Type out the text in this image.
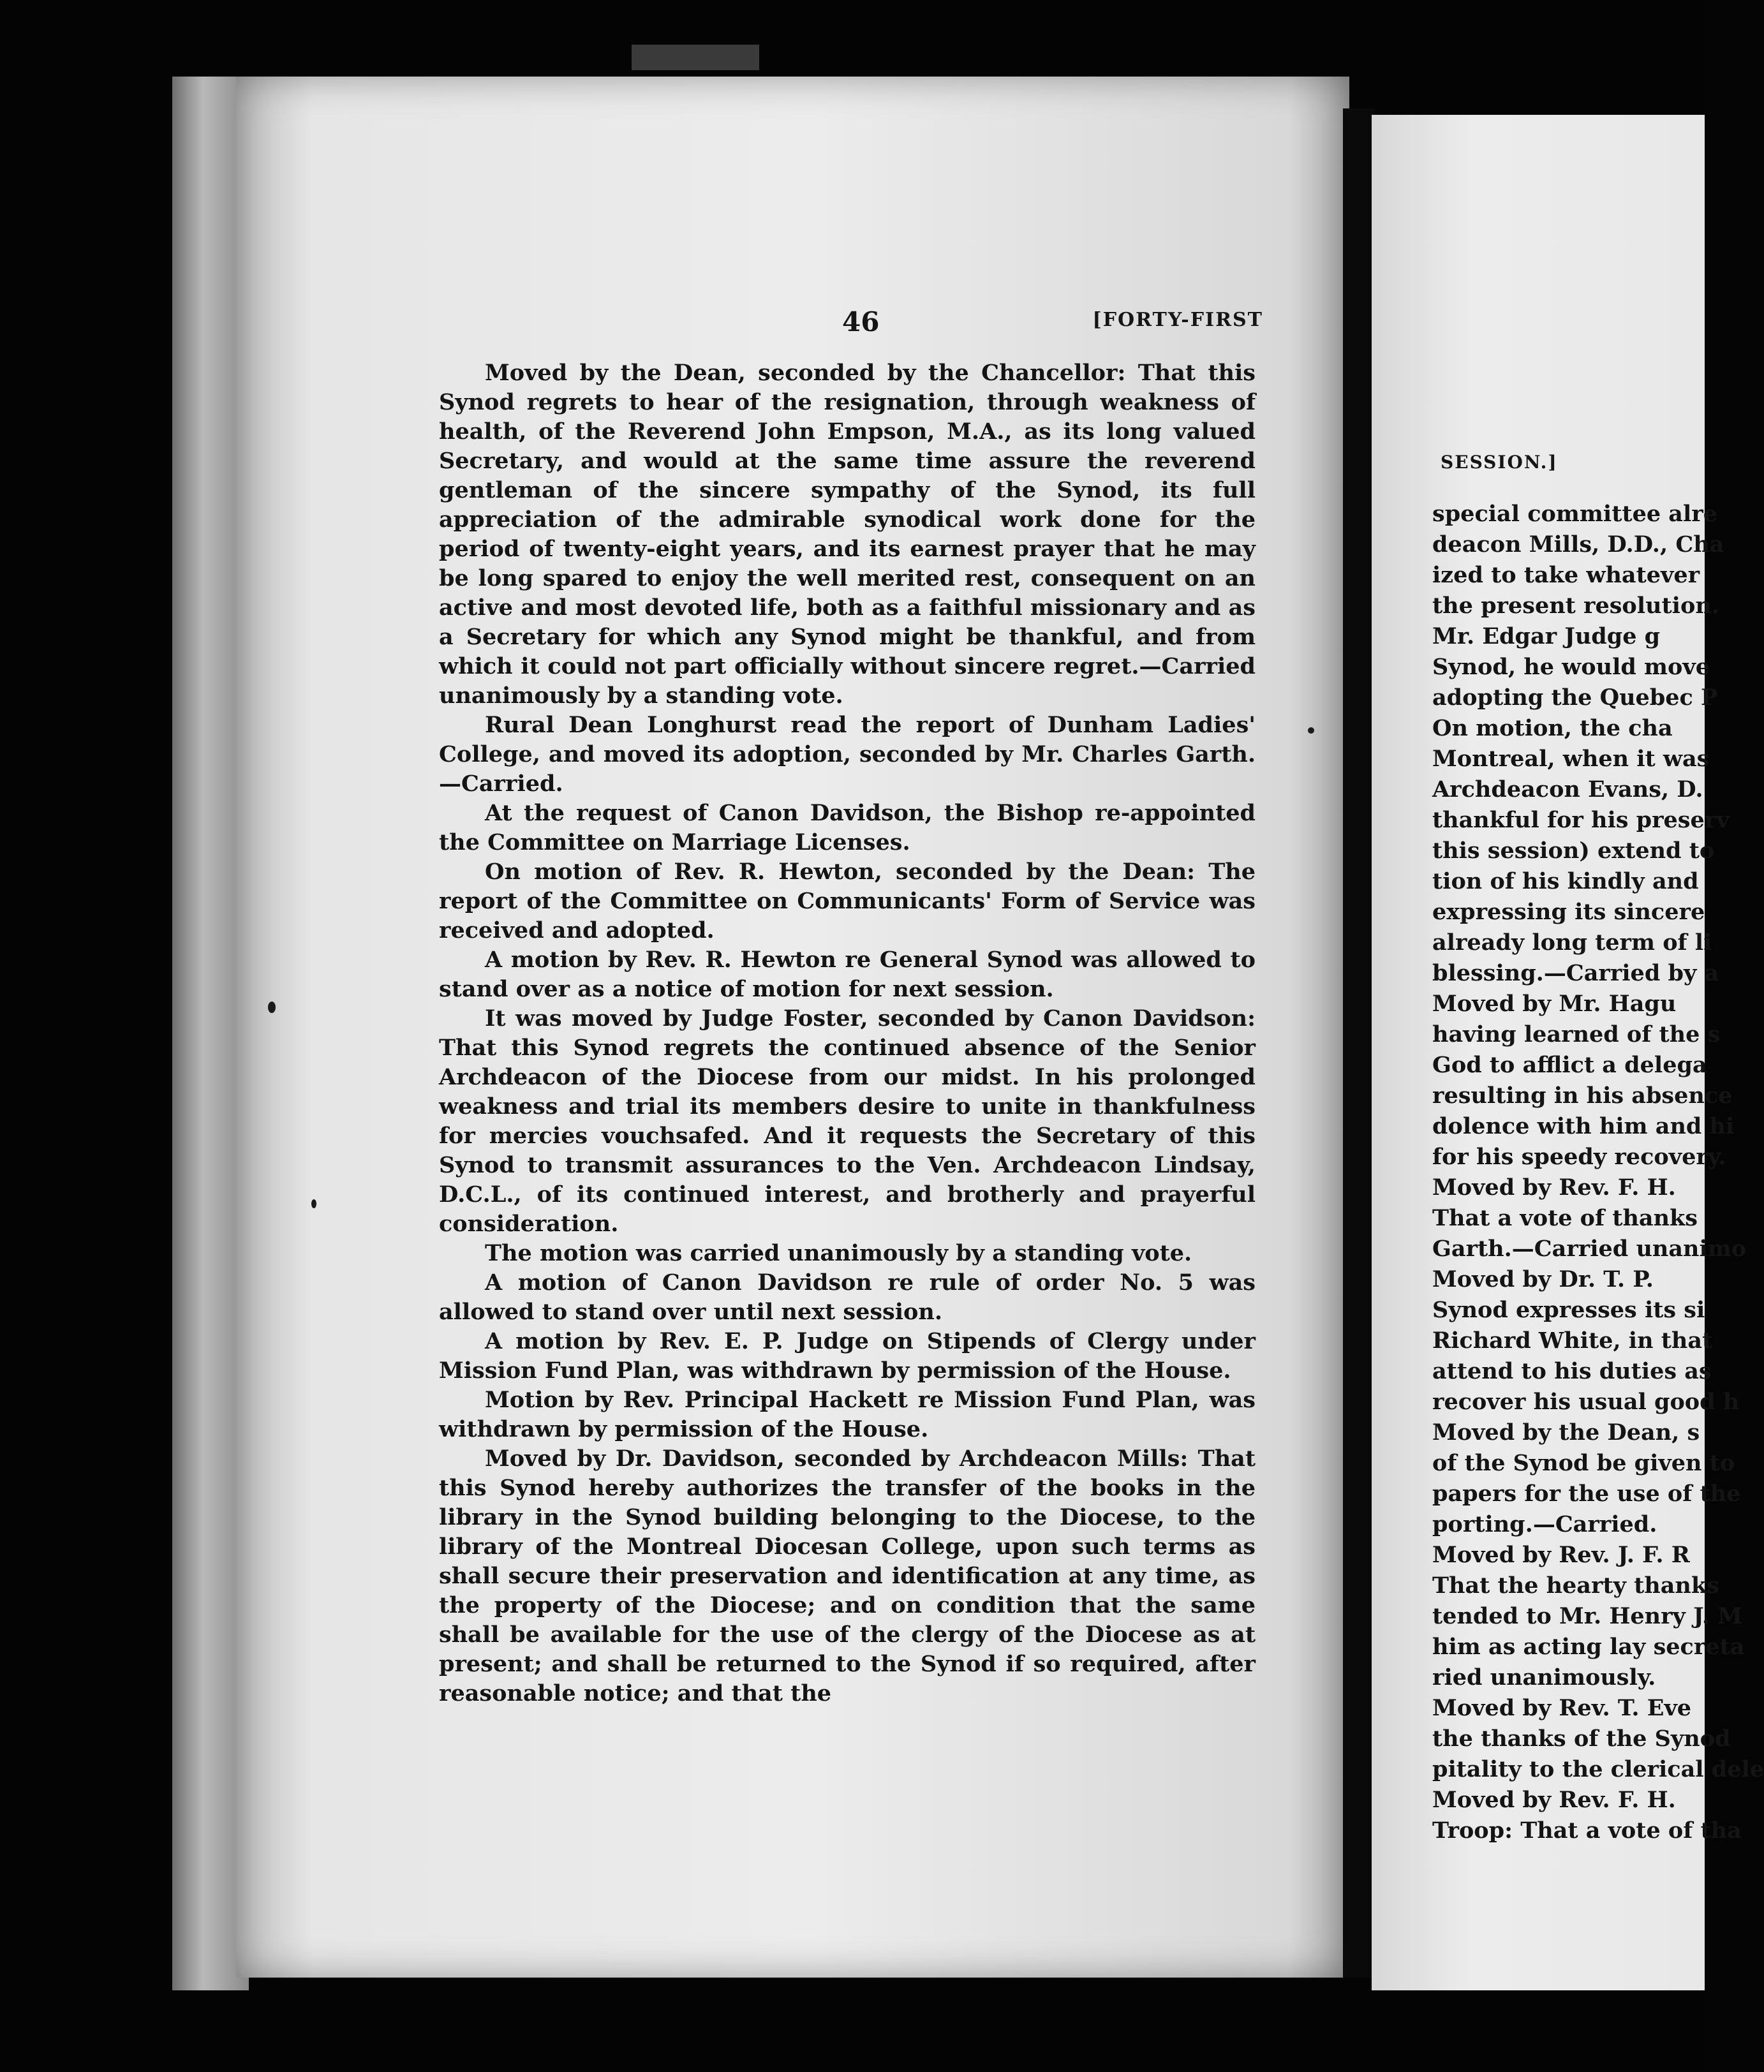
46	[FORTY-FIRST

Moved by the Dean, seconded by the Chancellor: That this Synod regrets to hear of the resignation, through weakness of health, of the Reverend John Empson, M.A., as its long valued Secretary, and would at the same time assure the reverend gentleman of the sincere sympathy of the Synod, its full appreciation of the admirable synodical work done for the period of twenty-eight years, and its earnest prayer that he may be long spared to enjoy the well merited rest, consequent on an active and most devoted life, both as a faithful missionary and as a Secretary for which any Synod might be thankful, and from which it could not part officially without sincere regret.—Carried unanimously by a standing vote.

Rural Dean Longhurst read the report of Dunham Ladies' College, and moved its adoption, seconded by Mr. Charles Garth.—Carried.

At the request of Canon Davidson, the Bishop re-appointed the Committee on Marriage Licenses.

On motion of Rev. R. Hewton, seconded by the Dean: The report of the Committee on Communicants' Form of Service was received and adopted.

A motion by Rev. R. Hewton re General Synod was allowed to stand over as a notice of motion for next session.

It was moved by Judge Foster, seconded by Canon Davidson: That this Synod regrets the continued absence of the Senior Archdeacon of the Diocese from our midst. In his prolonged weakness and trial its members desire to unite in thankfulness for mercies vouchsafed. And it requests the Secretary of this Synod to transmit assurances to the Ven. Archdeacon Lindsay, D.C.L., of its continued interest, and brotherly and prayerful consideration.

The motion was carried unanimously by a standing vote.

A motion of Canon Davidson re rule of order No. 5 was allowed to stand over until next session.

A motion by Rev. E. P. Judge on Stipends of Clergy under Mission Fund Plan, was withdrawn by permission of the House.

Motion by Rev. Principal Hackett re Mission Fund Plan, was withdrawn by permission of the House.

Moved by Dr. Davidson, seconded by Archdeacon Mills: That this Synod hereby authorizes the transfer of the books in the library in the Synod building belonging to the Diocese, to the library of the Montreal Diocesan College, upon such terms as shall secure their preservation and identification at any time, as the property of the Diocese; and on condition that the same shall be available for the use of the clergy of the Diocese as at present; and shall be returned to the Synod if so required, after reasonable notice; and that the

SESSION.]
special committee alre
deacon Mills, D.D., Cha
ized to take whatever
the present resolution.
Mr. Edgar Judge g
Synod, he would move
adopting the Quebec P
On motion, the cha
Montreal, when it was
Archdeacon Evans, D.
thankful for his preserv
this session) extend to
tion of his kindly and
expressing its sincere
already long term of li
blessing.—Carried by a
Moved by Mr. Hagu
having learned of the s
God to afflict a delega
resulting in his absence
dolence with him and hi
for his speedy recovery.
Moved by Rev. F. H.
That a vote of thanks
Garth.—Carried unanimo
Moved by Dr. T. P.
Synod expresses its si
Richard White, in that
attend to his duties as
recover his usual good h
Moved by the Dean, s
of the Synod be given to
papers for the use of the
porting.—Carried.
Moved by Rev. J. F. R
That the hearty thanks
tended to Mr. Henry J. M
him as acting lay secreta
ried unanimously.
Moved by Rev. T. Eve
the thanks of the Synod
pitality to the clerical dele
Moved by Rev. F. H.
Troop: That a vote of tha
